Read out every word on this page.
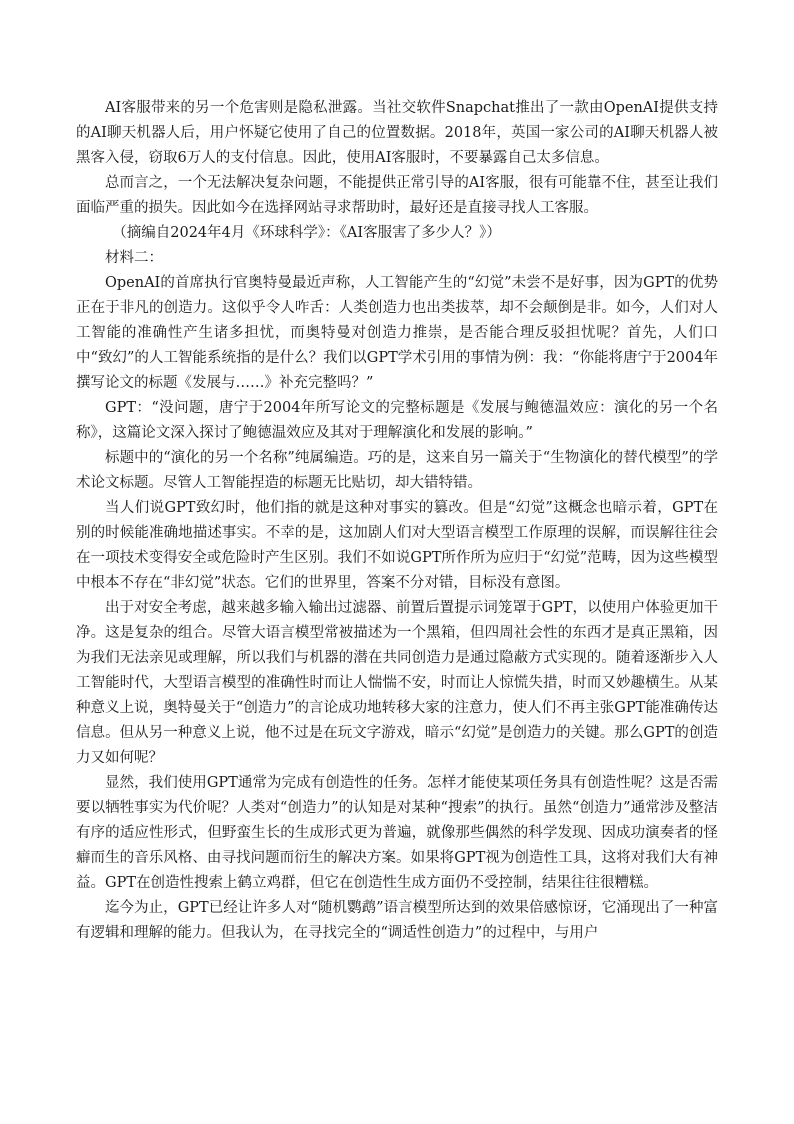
AI客服带来的另一个危害则是隐私泄露。当社交软件Snapchat推出了一款由OpenAI提供支持的AI聊天机器人后，用户怀疑它使用了自己的位置数据。2018年，英国一家公司的AI聊天机器人被黑客入侵，窃取6万人的支付信息。因此，使用AI客服时，不要暴露自己太多信息。

总而言之，一个无法解决复杂问题，不能提供正常引导的AI客服，很有可能靠不住，甚至让我们面临严重的损失。因此如今在选择网站寻求帮助时，最好还是直接寻找人工客服。

（摘编自2024年4月《环球科学》：《AI客服害了多少人？》）

材料二：

OpenAI的首席执行官奥特曼最近声称，人工智能产生的“幻觉”未尝不是好事，因为GPT的优势正在于非凡的创造力。这似乎令人咋舌：人类创造力也出类拔萃，却不会颠倒是非。如今，人们对人工智能的准确性产生诸多担忧，而奥特曼对创造力推崇，是否能合理反驳担忧呢？首先，人们口中“致幻”的人工智能系统指的是什么？我们以GPT学术引用的事情为例：我：“你能将唐宁于2004年撰写论文的标题《发展与……》补充完整吗？”

GPT：“没问题，唐宁于2004年所写论文的完整标题是《发展与鲍德温效应：演化的另一个名称》，这篇论文深入探讨了鲍德温效应及其对于理解演化和发展的影响。”

标题中的“演化的另一个名称”纯属编造。巧的是，这来自另一篇关于“生物演化的替代模型”的学术论文标题。尽管人工智能捏造的标题无比贴切，却大错特错。

当人们说GPT致幻时，他们指的就是这种对事实的篡改。但是“幻觉”这概念也暗示着，GPT在别的时候能准确地描述事实。不幸的是，这加剧人们对大型语言模型工作原理的误解，而误解往往会在一项技术变得安全或危险时产生区别。我们不如说GPT所作所为应归于“幻觉”范畴，因为这些模型中根本不存在“非幻觉”状态。它们的世界里，答案不分对错，目标没有意图。

出于对安全考虑，越来越多输入输出过滤器、前置后置提示词笼罩于GPT，以使用户体验更加干净。这是复杂的组合。尽管大语言模型常被描述为一个黑箱，但四周社会性的东西才是真正黑箱，因为我们无法亲见或理解，所以我们与机器的潜在共同创造力是通过隐蔽方式实现的。随着逐渐步入人工智能时代，大型语言模型的准确性时而让人惴惴不安，时而让人惊慌失措，时而又妙趣横生。从某种意义上说，奥特曼关于“创造力”的言论成功地转移大家的注意力，使人们不再主张GPT能准确传达信息。但从另一种意义上说，他不过是在玩文字游戏，暗示“幻觉”是创造力的关键。那么GPT的创造力又如何呢？

显然，我们使用GPT通常为完成有创造性的任务。怎样才能使某项任务具有创造性呢？这是否需要以牺牲事实为代价呢？人类对“创造力”的认知是对某种“搜索”的执行。虽然“创造力”通常涉及整洁有序的适应性形式，但野蛮生长的生成形式更为普遍，就像那些偶然的科学发现、因成功演奏者的怪癖而生的音乐风格、由寻找问题而衍生的解决方案。如果将GPT视为创造性工具，这将对我们大有神益。GPT在创造性搜索上鹤立鸡群，但它在创造性生成方面仍不受控制，结果往往很糟糕。

迄今为止，GPT已经让许多人对“随机鹦鹉”语言模型所达到的效果倍感惊讶，它涌现出了一种富有逻辑和理解的能力。但我认为，在寻找完全的“调适性创造力”的过程中，与用户
